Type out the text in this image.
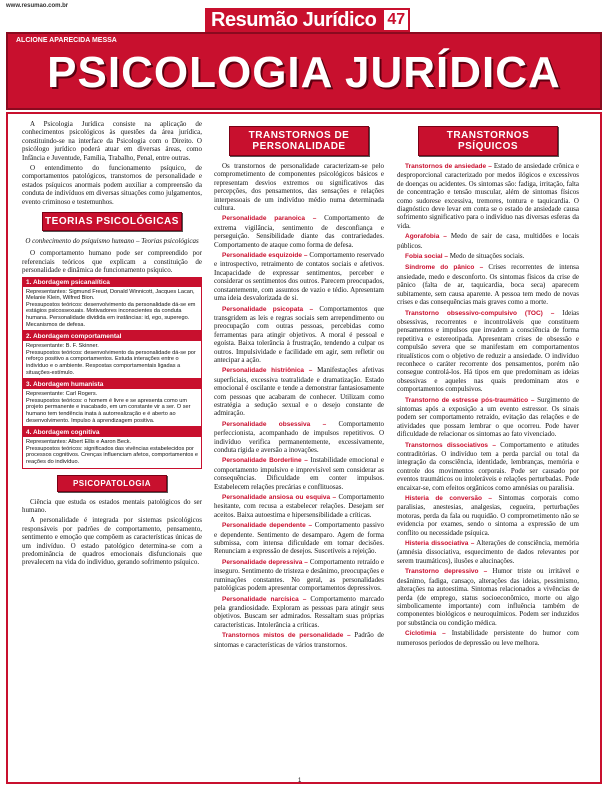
www.resumao.com.br
Resumão Jurídico 47
ALCIONE APARECIDA MESSA
PSICOLOGIA JURÍDICA

A Psicologia Jurídica consiste na aplicação de conhecimentos psicológicos às questões da área jurídica, constituindo-se na interface da Psicologia com o Direito. O psicólogo jurídico poderá atuar em diversas áreas, como Infância e Juventude, Família, Trabalho, Penal, entre outras.

O entendimento do funcionamento psíquico, de comportamentos patológicos, transtornos de personalidade e estados psíquicos anormais podem auxiliar a compreensão da conduta de indivíduos em diversas situações como julgamentos, evento criminoso e testemunhos.

TEORIAS PSICOLÓGICAS
O conhecimento do psiquismo humano – Teorias psicológicas

O comportamento humano pode ser compreendido por referenciais teóricos que explicam a constituição de personalidade e dinâmica de funcionamento psíquico.

1. Abordagem psicanalítica
Representantes: Sigmund Freud, Donald Winnicott, Jacques Lacan, Melanie Klein, Wilfred Bion.
Pressupostos teóricos: desenvolvimento da personalidade dá-se em estágios psicossexuais. Motivadores inconscientes da conduta humana. Personalidade dividida em instâncias: id, ego, superego. Mecanismos de defesa.
2. Abordagem comportamental
Representante: B. F. Skinner.
Pressupostos teóricos: desenvolvimento da personalidade dá-se por reforço positivo a comportamentos. Estuda interações entre o indivíduo e o ambiente. Respostas comportamentais ligadas a situações-estímulo.
3. Abordagem humanista
Representante: Carl Rogers.
Pressupostos teóricos: o homem é livre e se apresenta como um projeto permanente e inacabado, em um constante vir a ser. O ser humano tem tendência inata à autorrealização e é aberto ao desenvolvimento. Impulso à aprendizagem positiva.
4. Abordagem cognitiva
Representantes: Albert Ellis e Aaron Beck.
Pressupostos teóricos: significados das vivências estabelecidos por processos cognitivos. Crenças influenciam afetos, comportamentos e reações do indivíduo.
PSICOPATOLOGIA

Ciência que estuda os estados mentais patológicos do ser humano.

A personalidade é integrada por sistemas psicológicos responsáveis por padrões de comportamento, pensamento, sentimento e emoção que compõem as características únicas de um indivíduo. O estado patológico determina-se com a predominância de quadros emocionais disfuncionais que prevalecem na vida do indivíduo, gerando sofrimento psíquico.

TRANSTORNOS DE PERSONALIDADE

Os transtornos de personalidade caracterizam-se pelo comprometimento de componentes psicológicos básicos e representam desvios extremos ou significativos das percepções, dos pensamentos, das sensações e relações interpessoais de um indivíduo médio numa determinada cultura.

Personalidade paranoica – Comportamento de extrema vigilância, sentimento de desconfiança e perseguição. Sensibilidade diante das contrariedades. Comportamento de ataque como forma de defesa.

Personalidade esquizoide – Comportamento reservado e introspectivo, retraimento de contatos sociais e afetivos. Incapacidade de expressar sentimentos, perceber e considerar os sentimentos dos outros. Parecem preocupados, constantemente, com assuntos de vazio e tédio. Apresentam uma ideia desvalorizada de si.

Personalidade psicopata – Comportamentos que transgridem as leis e regras sociais sem arrependimento ou preocupação com outras pessoas, percebidas como ferramentas para atingir objetivos. A moral é pessoal e egoísta. Baixa tolerância à frustração, tendendo a culpar os outros. Impulsividade e facilidade em agir, sem refletir ou antecipar a ação.

Personalidade histriônica – Manifestações afetivas superficiais, excessiva teatralidade e dramatização. Estado emocional é oscilante e tende a demonstrar fantasiosamente com pessoas que acabaram de conhecer. Utilizam como estratégia a sedução sexual e o desejo constante de admiração.

Personalidade obsessiva – Comportamento perfeccionista, acompanhado de impulsos repetitivos. O indivíduo verifica permanentemente, excessivamente, conduta rígida e aversão a inovações.

Personalidade Borderline – Instabilidade emocional e comportamento impulsivo e imprevisível sem considerar as consequências. Dificuldade em conter impulsos. Estabelecem relações precárias e conflituosas.

Personalidade ansiosa ou esquiva – Comportamento hesitante, com recusa a estabelecer relações. Desejam ser aceitos. Baixa autoestima e hipersensibilidade a críticas.

Personalidade dependente – Comportamento passivo e dependente. Sentimento de desamparo. Agem de forma submissa, com intensa dificuldade em tomar decisões. Renunciam a expressão de desejos. Suscetíveis a rejeição.

Personalidade depressiva – Comportamento retraído e inseguro. Sentimento de tristeza e desânimo, preocupações e ruminações constantes. No geral, as personalidades patológicas podem apresentar comportamentos depressivos.

Personalidade narcísica – Comportamento marcado pela grandiosidade. Exploram as pessoas para atingir seus objetivos. Buscam ser admirados. Ressaltam suas próprias características. Intolerância a críticas.

Transtornos mistos de personalidade – Padrão de sintomas e características de vários transtornos.

TRANSTORNOS PSÍQUICOS

Transtornos de ansiedade – Estado de ansiedade crônica e desproporcional caracterizado por medos ilógicos e excessivos de doenças ou acidentes. Os sintomas são: fadiga, irritação, falta de concentração e tensão muscular, além de sintomas físicos como sudorese excessiva, tremores, tontura e taquicardia. O diagnóstico deve levar em conta se o estado de ansiedade causa sofrimento significativo para o indivíduo nas diversas esferas da vida.

Agorafobia – Medo de sair de casa, multidões e locais públicos.

Fobia social – Medo de situações sociais.

Síndrome do pânico – Crises recorrentes de intensa ansiedade, medo e desconforto. Os sintomas físicos da crise de pânico (falta de ar, taquicardia, boca seca) aparecem subitamente, sem causa aparente. A pessoa tem medo de novas crises e das consequências mais graves como a morte.

Transtorno obsessivo-compulsivo (TOC) – Ideias obsessivas, recorrentes e incontroláveis que constituem pensamentos e impulsos que invadem a consciência de forma repetitiva e estereotipada. Apresentam crises de obsessão e compulsão severa que se manifestam em comportamentos ritualísticos com o objetivo de reduzir a ansiedade. O indivíduo reconhece o caráter recorrente dos pensamentos, porém não consegue controlá-los. Há tipos em que predominam as ideias obsessivas e aqueles nas quais predominam atos e comportamentos compulsivos.

Transtorno de estresse pós-traumático – Surgimento de sintomas após a exposição a um evento estressor. Os sinais podem ser comportamento retraído, evitação das relações e de atividades que possam lembrar o que ocorreu. Pode haver dificuldade de relacionar os sintomas ao fato vivenciado.

Transtornos dissociativos – Comportamento e atitudes contraditórias. O indivíduo tem a perda parcial ou total da integração da consciência, identidade, lembranças, memória e controle dos movimentos corporais. Pode ser causado por eventos traumáticos ou intoleráveis e relações perturbadas. Pode encaixar-se, com efeitos orgânicos como amnésias ou paralisia.

Histeria de conversão – Sintomas corporais como paralisias, anestesias, analgesias, cegueira, perturbações motoras, perda da fala ou ruquidão. O comprometimento não se evidencia por exames, sendo o sintoma a expressão de um conflito ou necessidade psíquica.

Histeria dissociativa – Alterações de consciência, memória (amnésia dissociativa, esquecimento de dados relevantes por serem traumáticos), ilusões e alucinações.

Transtorno depressivo – Humor triste ou irritável e desânimo, fadiga, cansaço, alterações das ideias, pessimismo, alterações na autoestima. Sintomas relacionados a vivências de perda (de emprego, status socioeconômico, morte ou algo simbolicamente importante) com influência também de componentes biológicos e neuroquímicos. Podem ser induzidos por substância ou condição médica.

Ciclotimia – Instabilidade persistente do humor com numerosos períodos de depressão ou leve melhora.

1
